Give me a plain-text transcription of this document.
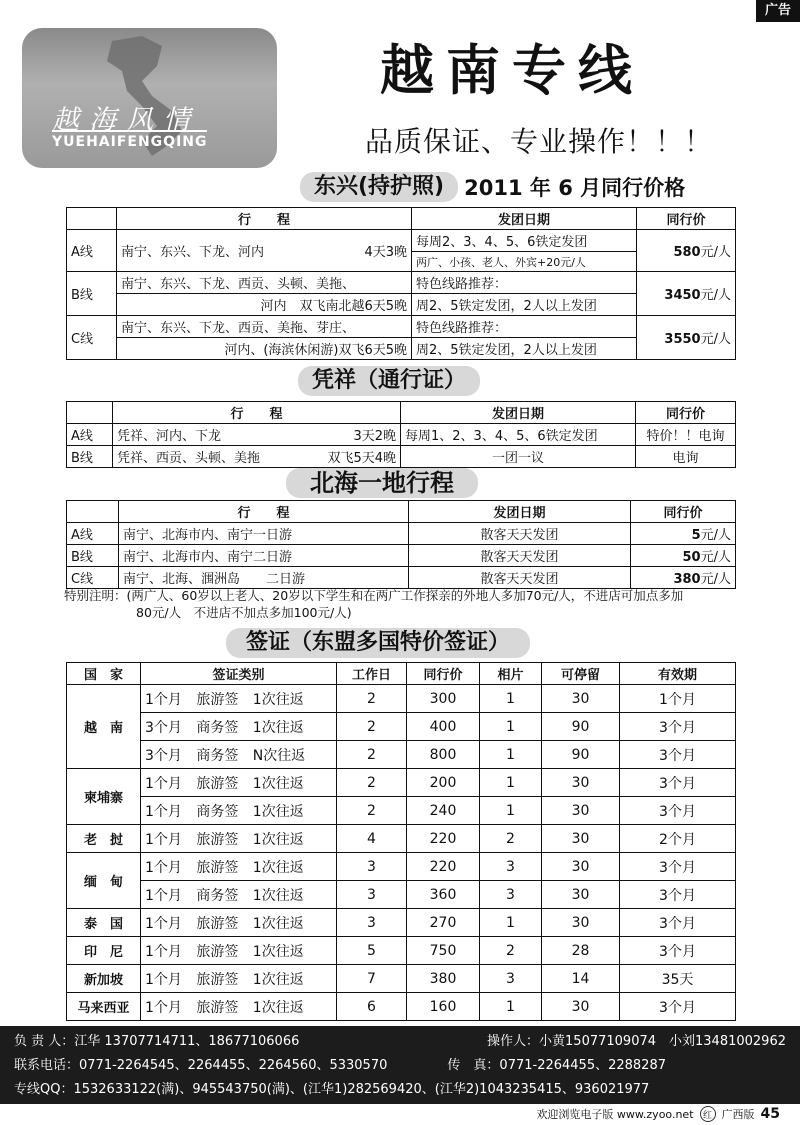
广告
越海风情
YUEHAIFENGQING
越南专线
品质保证、专业操作！！！
东兴(持护照) 2011 年 6 月同行价格
	行　　程	发团日期	同行价
A线	南宁、东兴、下龙、河内 4天3晚	每周2、3、4、5、6铁定发团	580元/人
		两广、小孩、老人、外宾+20元/人	
B线	南宁、东兴、下龙、西贡、头顿、美拖、	特色线路推荐：	3450元/人
	河内　双飞南北越6天5晚	周2、5铁定发团，2人以上发团	
C线	南宁、东兴、下龙、西贡、美拖、芽庄、	特色线路推荐：	3550元/人
	河内、(海滨休闲游)双飞6天5晚	周2、5铁定发团，2人以上发团	
凭祥（通行证）
	行　　程	发团日期	同行价
A线	凭祥、河内、下龙 3天2晚	每周1、2、3、4、5、6铁定发团	特价！！电询
B线	凭祥、西贡、头顿、美拖 双飞5天4晚	一团一议	电询
北海一地行程
	行　　程	发团日期	同行价
A线	南宁、北海市内、南宁一日游	散客天天发团	5元/人
B线	南宁、北海市内、南宁二日游	散客天天发团	50元/人
C线	南宁、北海、涠洲岛　　二日游	散客天天发团	380元/人
特别注明：(两广人、60岁以上老人、20岁以下学生和在两广工作探亲的外地人多加70元/人，不进店可加点多加
80元/人　不进店不加点多加100元/人)
签证（东盟多国特价签证）
国　家	签证类别	工作日	同行价	相片	可停留	有效期
越　南	1个月 旅游签 1次往返	2	300	1	30	1个月
	3个月 商务签 1次往返	2	400	1	90	3个月
	3个月 商务签 N次往返	2	800	1	90	3个月
柬埔寨	1个月 旅游签 1次往返	2	200	1	30	3个月
	1个月 商务签 1次往返	2	240	1	30	3个月
老　挝	1个月 旅游签 1次往返	4	220	2	30	2个月
缅　甸	1个月 旅游签 1次往返	3	220	3	30	3个月
	1个月 商务签 1次往返	3	360	3	30	3个月
泰　国	1个月 旅游签 1次往返	3	270	1	30	3个月
印　尼	1个月 旅游签 1次往返	5	750	2	28	3个月
新加坡	1个月 旅游签 1次往返	7	380	3	14	35天
马来西亚	1个月 旅游签 1次往返	6	160	1	30	3个月
负 责 人：江华 13707714711、18677106066	操作人：小黄15077109074　小刘13481002962
联系电话：0771-2264545、2264455、2264560、5330570	传　真：0771-2264455、2288287
专线QQ：1532633122(满)、945543750(满)、(江华1)282569420、(江华2)1043235415、936021977
欢迎浏览电子版 www.zyoo.net	红 广西版 45
